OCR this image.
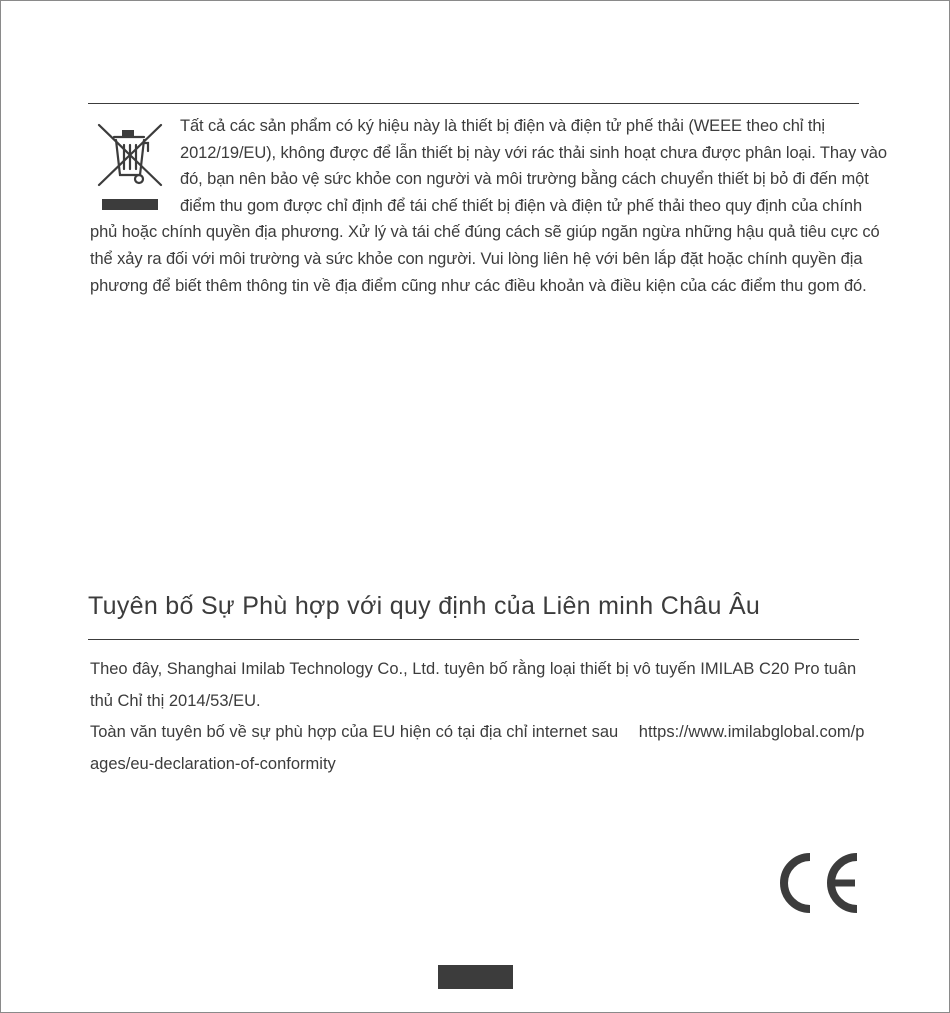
Tất cả các sản phẩm có ký hiệu này là thiết bị điện và điện tử phế thải (WEEE theo chỉ thị 2012/19/EU), không được để lẫn thiết bị này với rác thải sinh hoạt chưa được phân loại. Thay vào đó, bạn nên bảo vệ sức khỏe con người và môi trường bằng cách chuyển thiết bị bỏ đi đến một điểm thu gom được chỉ định để tái chế thiết bị điện và điện tử phế thải theo quy định của chính phủ hoặc chính quyền địa phương. Xử lý và tái chế đúng cách sẽ giúp ngăn ngừa những hậu quả tiêu cực có thể xảy ra đối với môi trường và sức khỏe con người. Vui lòng liên hệ với bên lắp đặt hoặc chính quyền địa phương để biết thêm thông tin về địa điểm cũng như các điều khoản và điều kiện của các điểm thu gom đó.

Tuyên bố Sự Phù hợp với quy định của Liên minh Châu Âu

Theo đây, Shanghai Imilab Technology Co., Ltd. tuyên bố rằng loại thiết bị vô tuyến IMILAB C20 Pro tuân thủ Chỉ thị 2014/53/EU.

Toàn văn tuyên bố về sự phù hợp của EU hiện có tại địa chỉ internet sau https://www.imilabglobal.com/pages/eu-declaration-of-conformity
